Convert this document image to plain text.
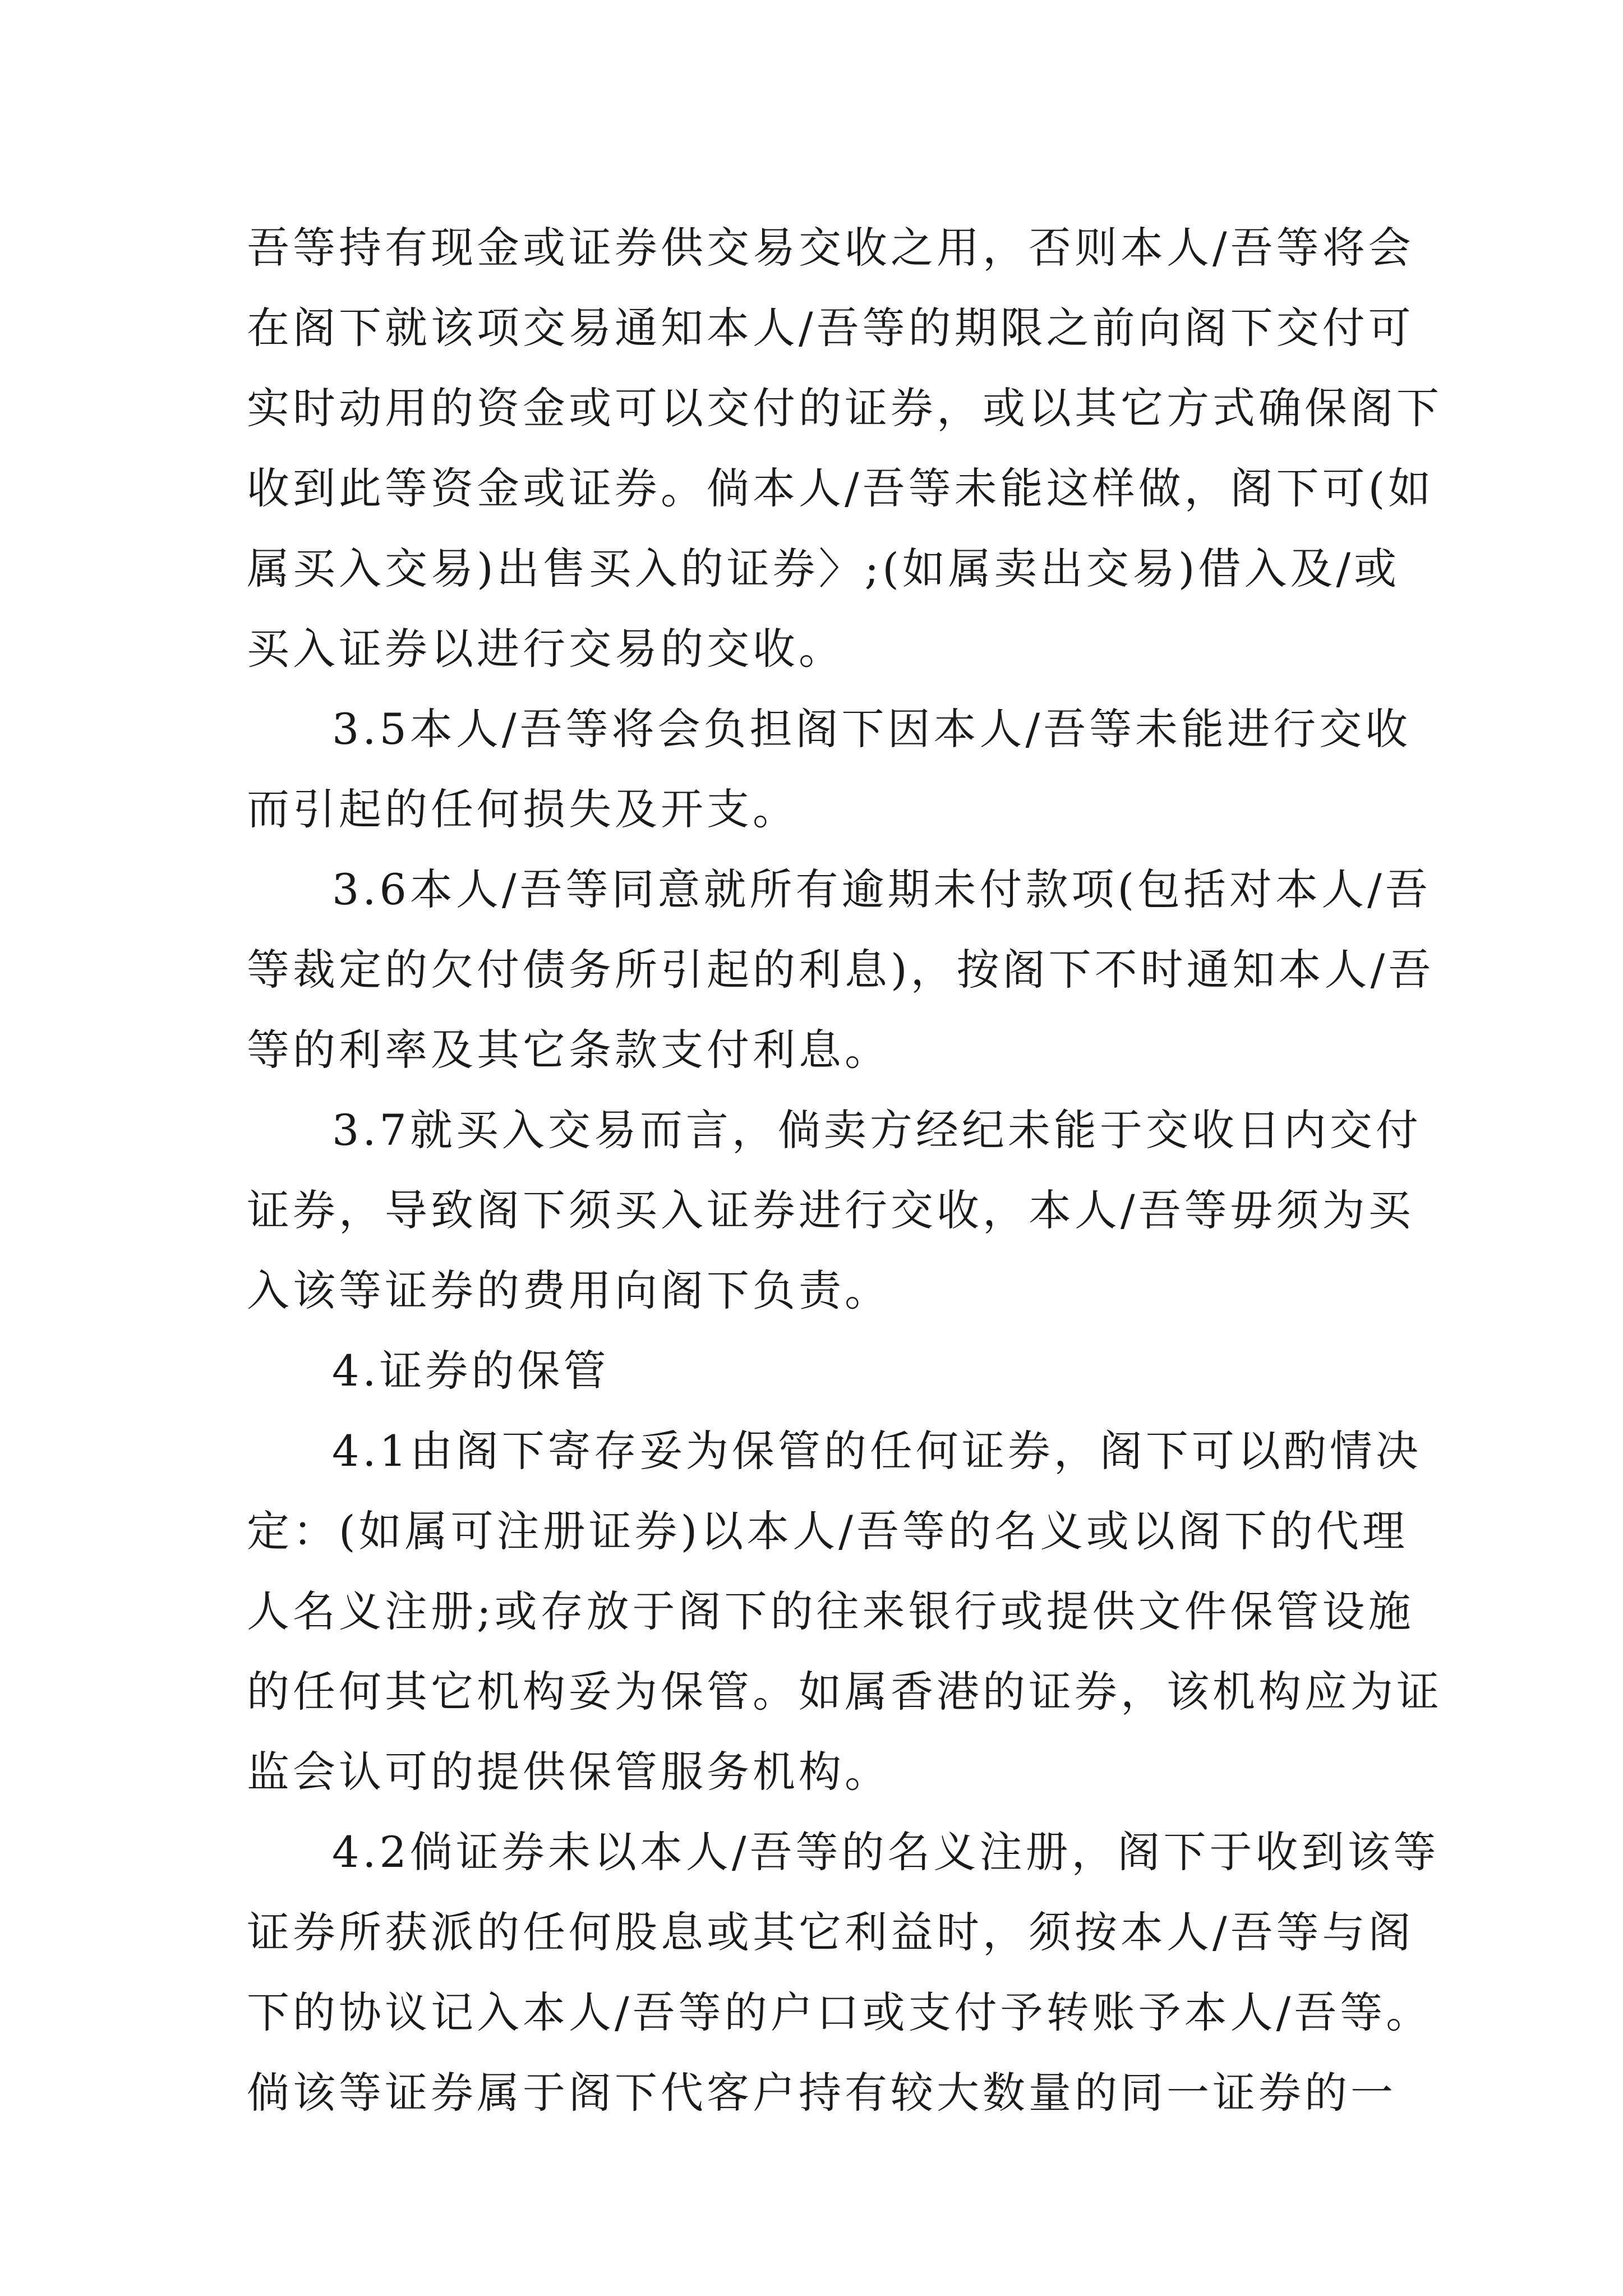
吾等持有现金或证券供交易交收之用，否则本人/吾等将会
在阁下就该项交易通知本人/吾等的期限之前向阁下交付可
实时动用的资金或可以交付的证券，或以其它方式确保阁下
收到此等资金或证券。倘本人/吾等未能这样做，阁下可(如
属买入交易)出售买入的证券〉;(如属卖出交易)借入及/或
买入证券以进行交易的交收。
3.5本人/吾等将会负担阁下因本人/吾等未能进行交收
而引起的任何损失及开支。
3.6本人/吾等同意就所有逾期未付款项(包括对本人/吾
等裁定的欠付债务所引起的利息)，按阁下不时通知本人/吾
等的利率及其它条款支付利息。
3.7就买入交易而言，倘卖方经纪未能于交收日内交付
证券，导致阁下须买入证券进行交收，本人/吾等毋须为买
入该等证券的费用向阁下负责。
4.证券的保管
4.1由阁下寄存妥为保管的任何证券，阁下可以酌情决
定：(如属可注册证券)以本人/吾等的名义或以阁下的代理
人名义注册;或存放于阁下的往来银行或提供文件保管设施
的任何其它机构妥为保管。如属香港的证券，该机构应为证
监会认可的提供保管服务机构。
4.2倘证券未以本人/吾等的名义注册，阁下于收到该等
证券所获派的任何股息或其它利益时，须按本人/吾等与阁
下的协议记入本人/吾等的户口或支付予转账予本人/吾等。
倘该等证券属于阁下代客户持有较大数量的同一证券的一
